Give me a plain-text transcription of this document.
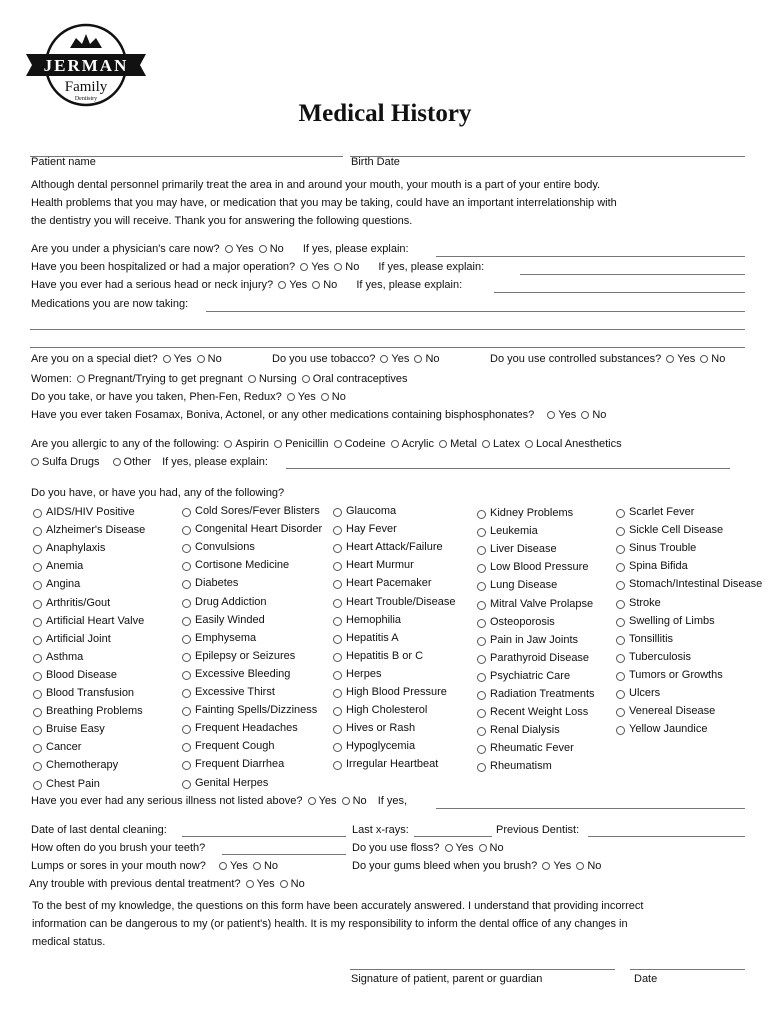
JERMAN
Family
Dentistry
Medical History
Patient name	Birth Date
Although dental personnel primarily treat the area in and around your mouth, your mouth is a part of your entire body.
Health problems that you may have, or medication that you may be taking, could have an important interrelationship with
the dentistry you will receive. Thank you for answering the following questions.
Are you under a physician's care now? Yes No If yes, please explain:
Have you been hospitalized or had a major operation? Yes No If yes, please explain:
Have you ever had a serious head or neck injury? Yes No If yes, please explain:
Medications you are now taking:
Are you on a special diet? Yes No	Do you use tobacco? Yes No	Do you use controlled substances? Yes No
Women: Pregnant/Trying to get pregnant Nursing Oral contraceptives
Do you take, or have you taken, Phen-Fen, Redux? Yes No
Have you ever taken Fosamax, Boniva, Actonel, or any other medications containing bisphosphonates? Yes No
Are you allergic to any of the following: Aspirin Penicillin Codeine Acrylic Metal Latex Local Anesthetics
Sulfa Drugs Other If yes, please explain:
Do you have, or have you had, any of the following?
AIDS/HIV Positive
Alzheimer's Disease
Anaphylaxis
Anemia
Angina
Arthritis/Gout
Artificial Heart Valve
Artificial Joint
Asthma
Blood Disease
Blood Transfusion
Breathing Problems
Bruise Easy
Cancer
Chemotherapy
Chest Pain
Cold Sores/Fever Blisters
Congenital Heart Disorder
Convulsions
Cortisone Medicine
Diabetes
Drug Addiction
Easily Winded
Emphysema
Epilepsy or Seizures
Excessive Bleeding
Excessive Thirst
Fainting Spells/Dizziness
Frequent Headaches
Frequent Cough
Frequent Diarrhea
Genital Herpes
Glaucoma
Hay Fever
Heart Attack/Failure
Heart Murmur
Heart Pacemaker
Heart Trouble/Disease
Hemophilia
Hepatitis A
Hepatitis B or C
Herpes
High Blood Pressure
High Cholesterol
Hives or Rash
Hypoglycemia
Irregular Heartbeat
Kidney Problems
Leukemia
Liver Disease
Low Blood Pressure
Lung Disease
Mitral Valve Prolapse
Osteoporosis
Pain in Jaw Joints
Parathyroid Disease
Psychiatric Care
Radiation Treatments
Recent Weight Loss
Renal Dialysis
Rheumatic Fever
Rheumatism
Scarlet Fever
Sickle Cell Disease
Sinus Trouble
Spina Bifida
Stomach/Intestinal Disease
Stroke
Swelling of Limbs
Tonsillitis
Tuberculosis
Tumors or Growths
Ulcers
Venereal Disease
Yellow Jaundice
Have you ever had any serious illness not listed above? Yes No If yes,
Date of last dental cleaning:	Last x-rays:	Previous Dentist:
How often do you brush your teeth?	Do you use floss? Yes No
Lumps or sores in your mouth now? Yes No	Do your gums bleed when you brush? Yes No
Any trouble with previous dental treatment? Yes No
To the best of my knowledge, the questions on this form have been accurately answered. I understand that providing incorrect
information can be dangerous to my (or patient's) health. It is my responsibility to inform the dental office of any changes in
medical status.
Signature of patient, parent or guardian	Date
